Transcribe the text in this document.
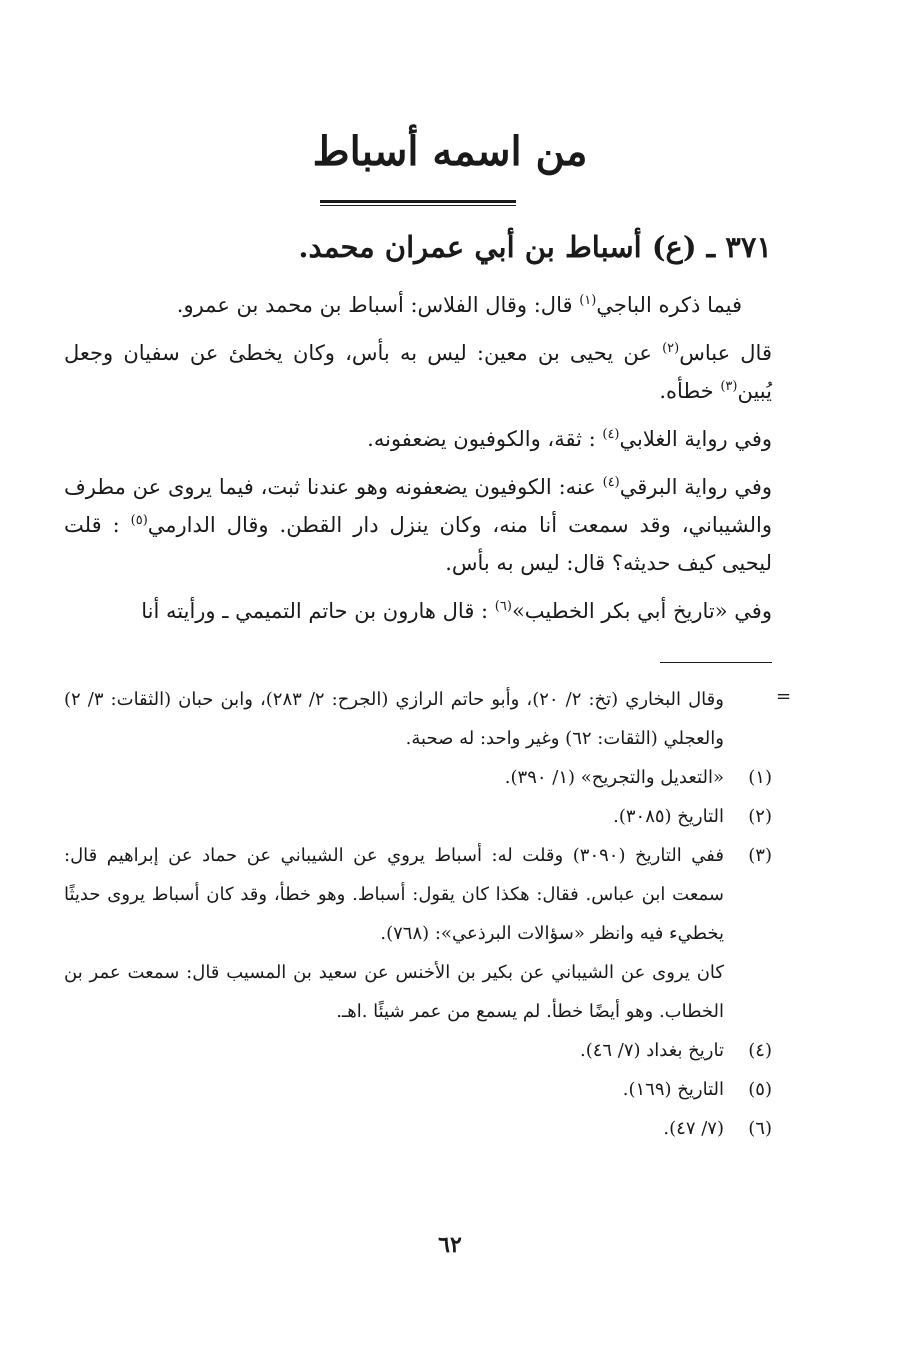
من اسمه أسباط
٣٧١ ـ (ع) أسباط بن أبي عمران محمد.

فيما ذكره الباجي$^{(١)}$ قال: وقال الفلاس: أسباط بن محمد بن عمرو.

قال عباس$^{(٢)}$ عن يحيى بن معين: ليس به بأس، وكان يخطئ عن سفيان وجعل يُبين$^{(٣)}$ خطأه.

وفي رواية الغلابي$^{(٤)}$ : ثقة، والكوفيون يضعفونه.

وفي رواية البرقي$^{(٤)}$ عنه: الكوفيون يضعفونه وهو عندنا ثبت، فيما يروى عن مطرف والشيباني، وقد سمعت أنا منه، وكان ينزل دار القطن. وقال الدارمي$^{(٥)}$ : قلت ليحيى كيف حديثه؟ قال: ليس به بأس.

وفي «تاريخ أبي بكر الخطيب»$^{(٦)}$ : قال هارون بن حاتم التميمي ـ ورأيته أنا

=
وقال البخاري (تخ: ٢/ ٢٠)، وأبو حاتم الرازي (الجرح: ٢/ ٢٨٣)، وابن حبان (الثقات: ٣/ ٢) والعجلي (الثقات: ٦٢) وغير واحد: له صحبة.
(١)
«التعديل والتجريح» (١/ ٣٩٠).
(٢)
التاريخ (٣٠٨٥).
(٣)
ففي التاريخ (٣٠٩٠) وقلت له: أسباط يروي عن الشيباني عن حماد عن إبراهيم قال: سمعت ابن عباس. فقال: هكذا كان يقول: أسباط. وهو خطأ، وقد كان أسباط يروى حديثًا يخطيء فيه وانظر «سؤالات البرذعي»: (٧٦٨).
كان يروى عن الشيباني عن بكير بن الأخنس عن سعيد بن المسيب قال: سمعت عمر بن الخطاب. وهو أيضًا خطأ. لم يسمع من عمر شيئًا .اهـ.
(٤)
تاريخ بغداد (٧/ ٤٦).
(٥)
التاريخ (١٦٩).
(٦)
(٧/ ٤٧).
٦٢
